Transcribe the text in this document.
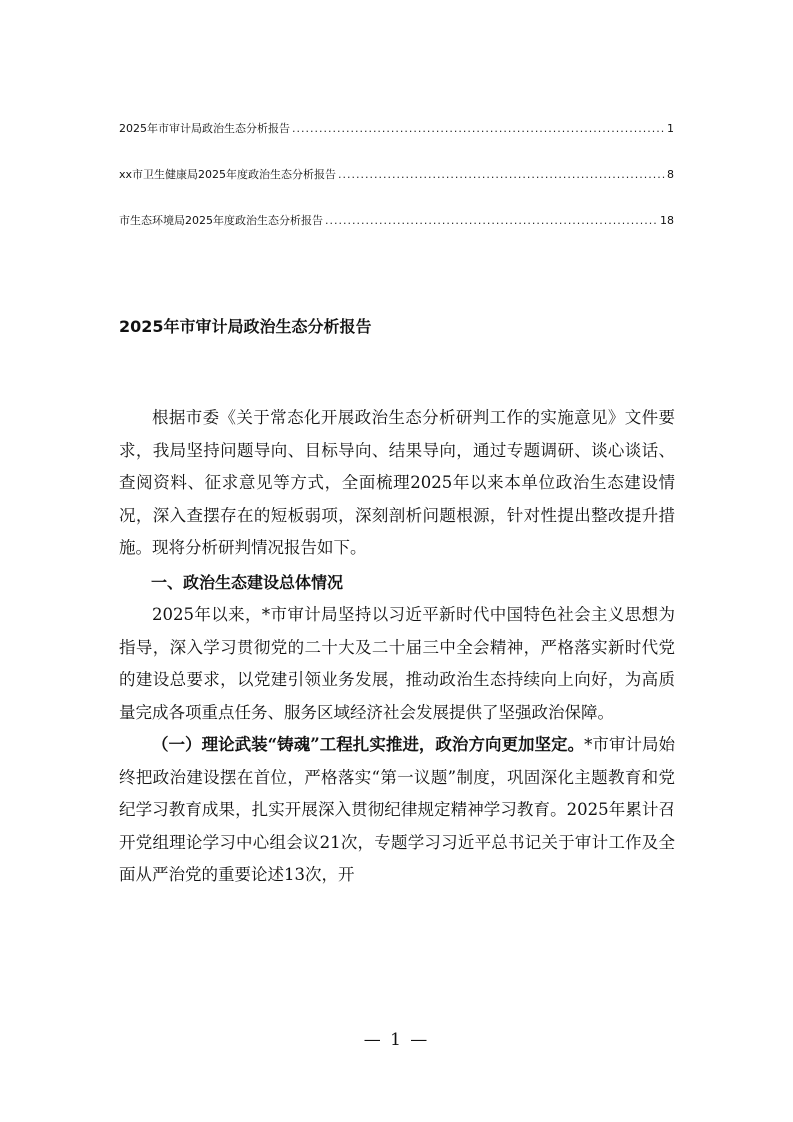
2025年市审计局政治生态分析报告 .....	1
xx市卫生健康局2025年度政治生态分析报告 .....	8
市生态环境局2025年度政治生态分析报告 .....	18
2025年市审计局政治生态分析报告

根据市委《关于常态化开展政治生态分析研判工作的实施意见》文件要求，我局坚持问题导向、目标导向、结果导向，通过专题调研、谈心谈话、查阅资料、征求意见等方式，全面梳理2025年以来本单位政治生态建设情况，深入查摆存在的短板弱项，深刻剖析问题根源，针对性提出整改提升措施。现将分析研判情况报告如下。

一、政治生态建设总体情况

2025年以来，*市审计局坚持以习近平新时代中国特色社会主义思想为指导，深入学习贯彻党的二十大及二十届三中全会精神，严格落实新时代党的建设总要求，以党建引领业务发展，推动政治生态持续向上向好，为高质量完成各项重点任务、服务区域经济社会发展提供了坚强政治保障。

（一）理论武装“铸魂”工程扎实推进，政治方向更加坚定。*市审计局始终把政治建设摆在首位，严格落实“第一议题”制度，巩固深化主题教育和党纪学习教育成果，扎实开展深入贯彻纪律规定精神学习教育。2025年累计召开党组理论学习中心组会议21次，专题学习习近平总书记关于审计工作及全面从严治党的重要论述13次，开

— 1 —
